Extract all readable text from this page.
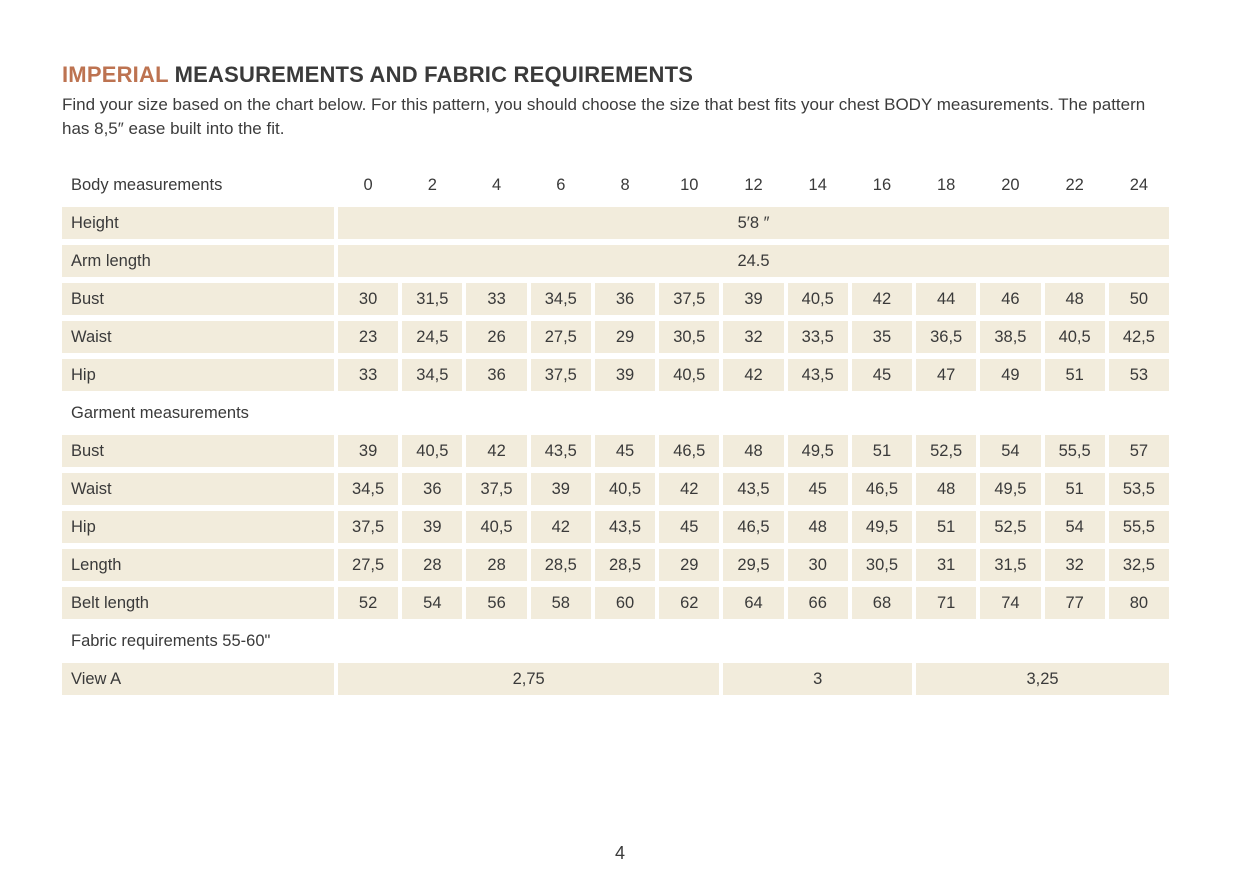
IMPERIAL MEASUREMENTS AND FABRIC REQUIREMENTS
Find your size based on the chart below. For this pattern, you should choose the size that best fits your chest BODY measurements. The pattern has 8,5″ ease built into the fit.
Body measurements	0	2	4	6	8	10	12	14	16	18	20	22	24
Height	5′8 ″
Arm length	24.5
Bust	30	31,5	33	34,5	36	37,5	39	40,5	42	44	46	48	50
Waist	23	24,5	26	27,5	29	30,5	32	33,5	35	36,5	38,5	40,5	42,5
Hip	33	34,5	36	37,5	39	40,5	42	43,5	45	47	49	51	53
Garment measurements
Bust	39	40,5	42	43,5	45	46,5	48	49,5	51	52,5	54	55,5	57
Waist	34,5	36	37,5	39	40,5	42	43,5	45	46,5	48	49,5	51	53,5
Hip	37,5	39	40,5	42	43,5	45	46,5	48	49,5	51	52,5	54	55,5
Length	27,5	28	28	28,5	28,5	29	29,5	30	30,5	31	31,5	32	32,5
Belt length	52	54	56	58	60	62	64	66	68	71	74	77	80
Fabric requirements 55-60"
View A	2,75	3	3,25
4
